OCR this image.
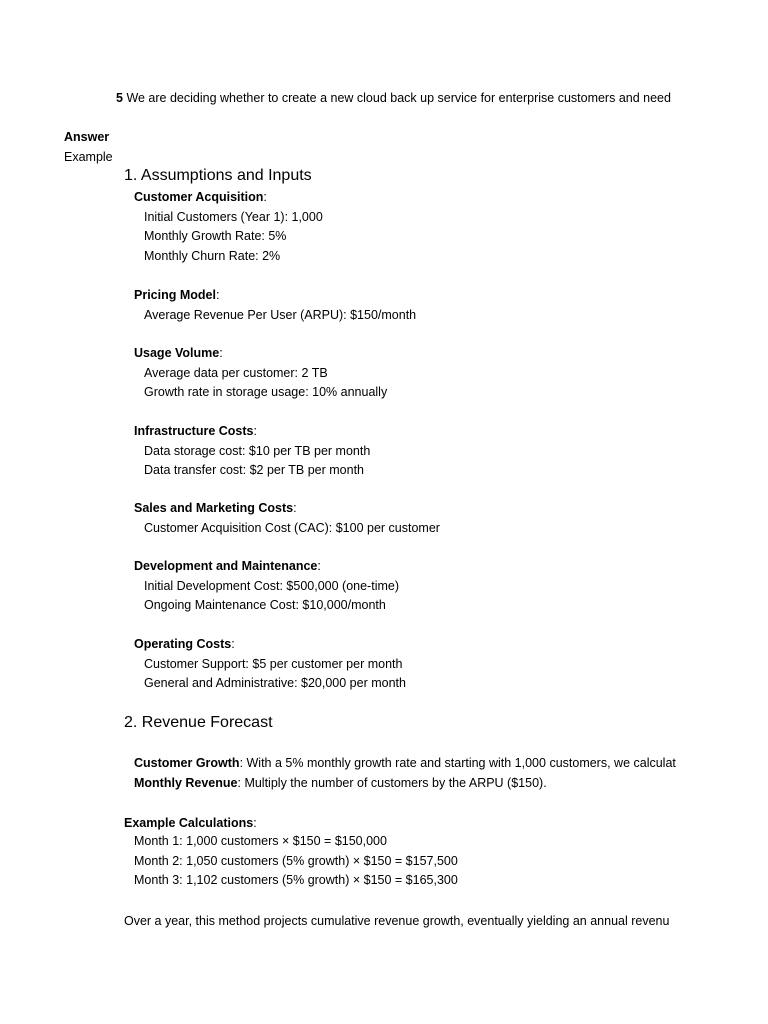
5 We are deciding whether to create a new cloud back up service for enterprise customers and need
Answer
Example
1. Assumptions and Inputs
Customer Acquisition:
Initial Customers (Year 1): 1,000
Monthly Growth Rate: 5%
Monthly Churn Rate: 2%
Pricing Model:
Average Revenue Per User (ARPU): $150/month
Usage Volume:
Average data per customer: 2 TB
Growth rate in storage usage: 10% annually
Infrastructure Costs:
Data storage cost: $10 per TB per month
Data transfer cost: $2 per TB per month
Sales and Marketing Costs:
Customer Acquisition Cost (CAC): $100 per customer
Development and Maintenance:
Initial Development Cost: $500,000 (one-time)
Ongoing Maintenance Cost: $10,000/month
Operating Costs:
Customer Support: $5 per customer per month
General and Administrative: $20,000 per month
2. Revenue Forecast
Customer Growth: With a 5% monthly growth rate and starting with 1,000 customers, we calculat
Monthly Revenue: Multiply the number of customers by the ARPU ($150).
Example Calculations:
Month 1: 1,000 customers × $150 = $150,000
Month 2: 1,050 customers (5% growth) × $150 = $157,500
Month 3: 1,102 customers (5% growth) × $150 = $165,300
Over a year, this method projects cumulative revenue growth, eventually yielding an annual revenu
